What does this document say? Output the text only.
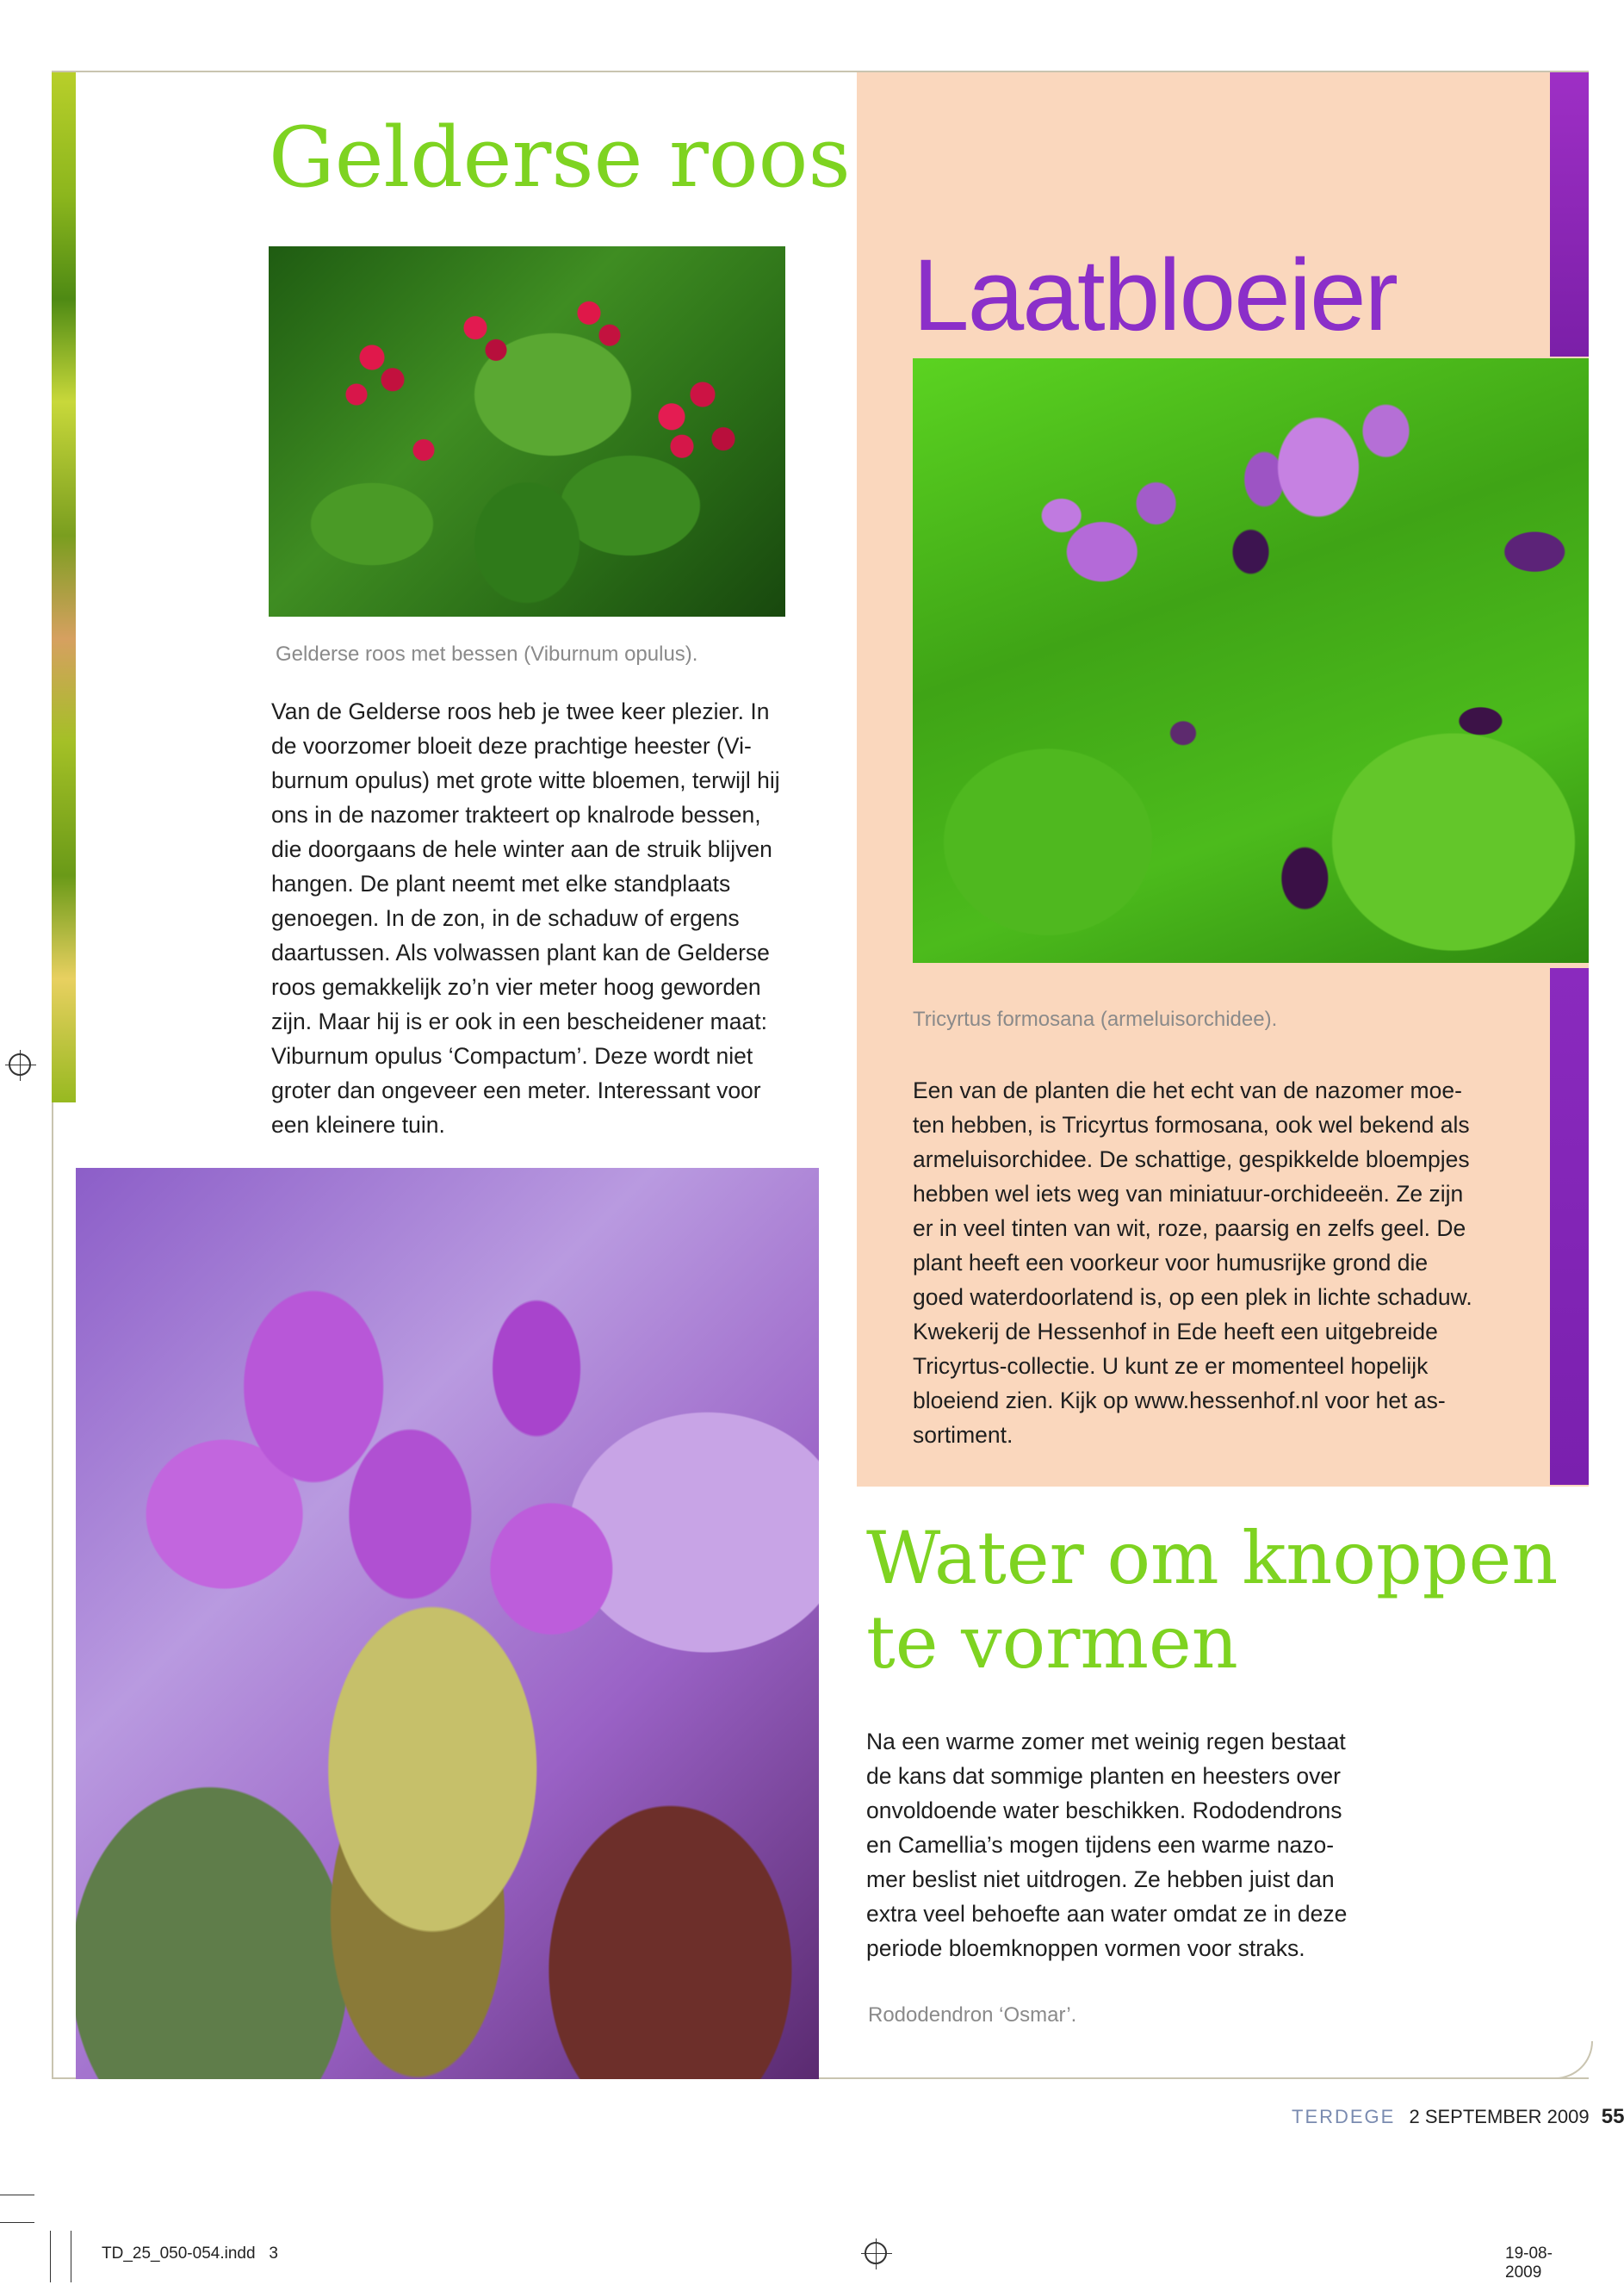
Gelderse roos
Gelderse roos met bessen (Viburnum opulus).
Van de Gelderse roos heb je twee keer plezier. In
de voorzomer bloeit deze prachtige heester (Vi-
burnum opulus) met grote witte bloemen, terwijl hij
ons in de nazomer trakteert op knalrode bessen,
die doorgaans de hele winter aan de struik blijven
hangen. De plant neemt met elke standplaats
genoegen. In de zon, in de schaduw of ergens
daartussen. Als volwassen plant kan de Gelderse
roos gemakkelijk zo’n vier meter hoog geworden
zijn. Maar hij is er ook in een bescheidener maat:
Viburnum opulus ‘Compactum’. Deze wordt niet
groter dan ongeveer een meter. Interessant voor
een kleinere tuin.
Laatbloeier
Tricyrtus formosana (armeluisorchidee).
Een van de planten die het echt van de nazomer moe-
ten hebben, is Tricyrtus formosana, ook wel bekend als
armeluisorchidee. De schattige, gespikkelde bloempjes
hebben wel iets weg van miniatuur-orchideeën. Ze zijn
er in veel tinten van wit, roze, paarsig en zelfs geel. De
plant heeft een voorkeur voor humusrijke grond die
goed waterdoorlatend is, op een plek in lichte schaduw.
Kwekerij de Hessenhof in Ede heeft een uitgebreide
Tricyrtus-collectie. U kunt ze er momenteel hopelijk
bloeiend zien. Kijk op www.hessenhof.nl voor het as-
sortiment.
Water om knoppen
te vormen
Na een warme zomer met weinig regen bestaat
de kans dat sommige planten en heesters over
onvoldoende water beschikken. Rododendrons
en Camellia’s mogen tijdens een warme nazo-
mer beslist niet uitdrogen. Ze hebben juist dan
extra veel behoefte aan water omdat ze in deze
periode bloemknoppen vormen voor straks.
Rododendron ‘Osmar’.
TERDEGE 2 SEPTEMBER 2009 55
TD_25_050-054.indd   3	19-08-2009
